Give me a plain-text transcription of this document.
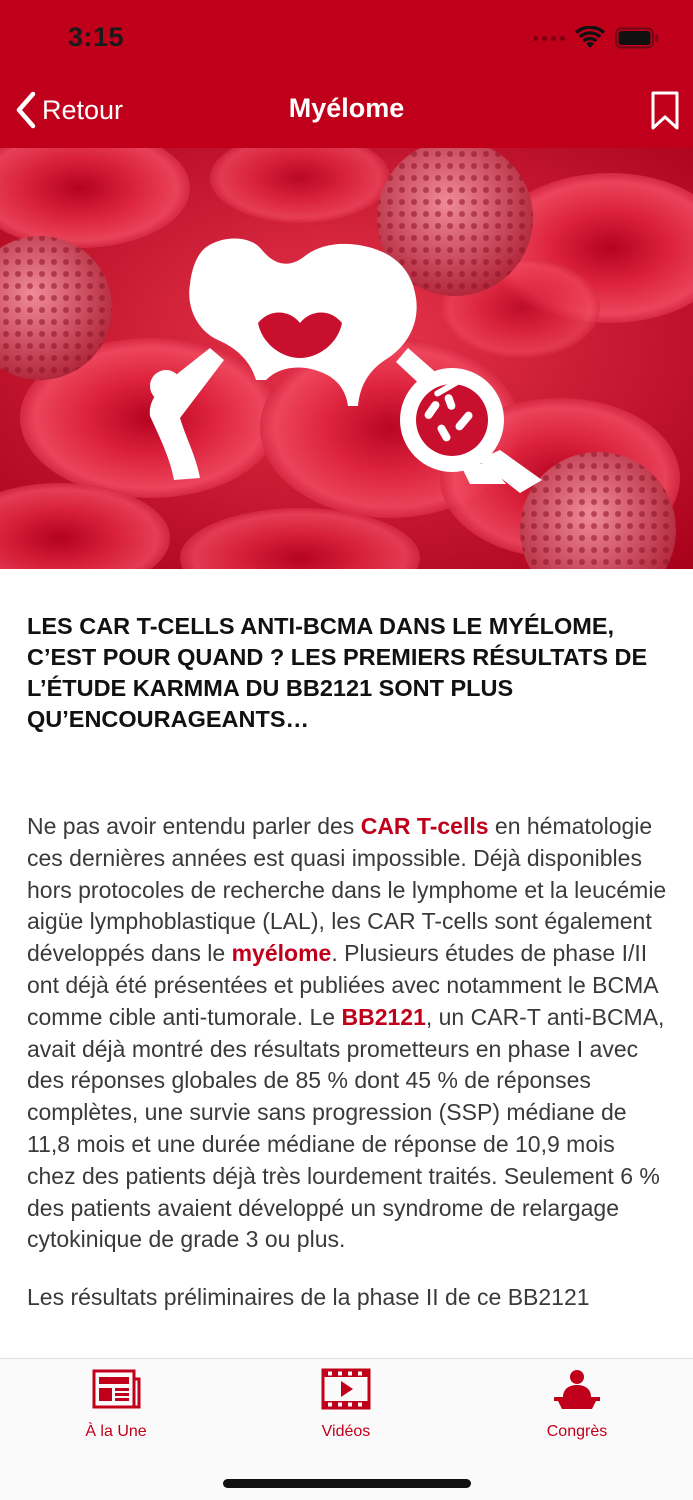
3:15
Retour	Myélome
LES CAR T-CELLS ANTI-BCMA DANS LE MYÉLOME, C’EST POUR QUAND ? LES PREMIERS RÉSULTATS DE L’ÉTUDE KARMMA DU BB2121 SONT PLUS QU’ENCOURAGEANTS…

Ne pas avoir entendu parler des CAR T-cells en hématologie ces dernières années est quasi impossible. Déjà disponibles hors protocoles de recherche dans le lymphome et la leucémie aigüe lymphoblastique (LAL), les CAR T-cells sont également développés dans le myélome. Plusieurs études de phase I/II ont déjà été présentées et publiées avec notamment le BCMA comme cible anti-tumorale. Le BB2121, un CAR-T anti-BCMA, avait déjà montré des résultats prometteurs en phase I avec des réponses globales de 85 % dont 45 % de réponses complètes, une survie sans progression (SSP) médiane de 11,8 mois et une durée médiane de réponse de 10,9 mois chez des patients déjà très lourdement traités. Seulement 6 % des patients avaient développé un syndrome de relargage cytokinique de grade 3 ou plus.

Les résultats préliminaires de la phase II de ce BB2121

À la Une	Vidéos	Congrès
